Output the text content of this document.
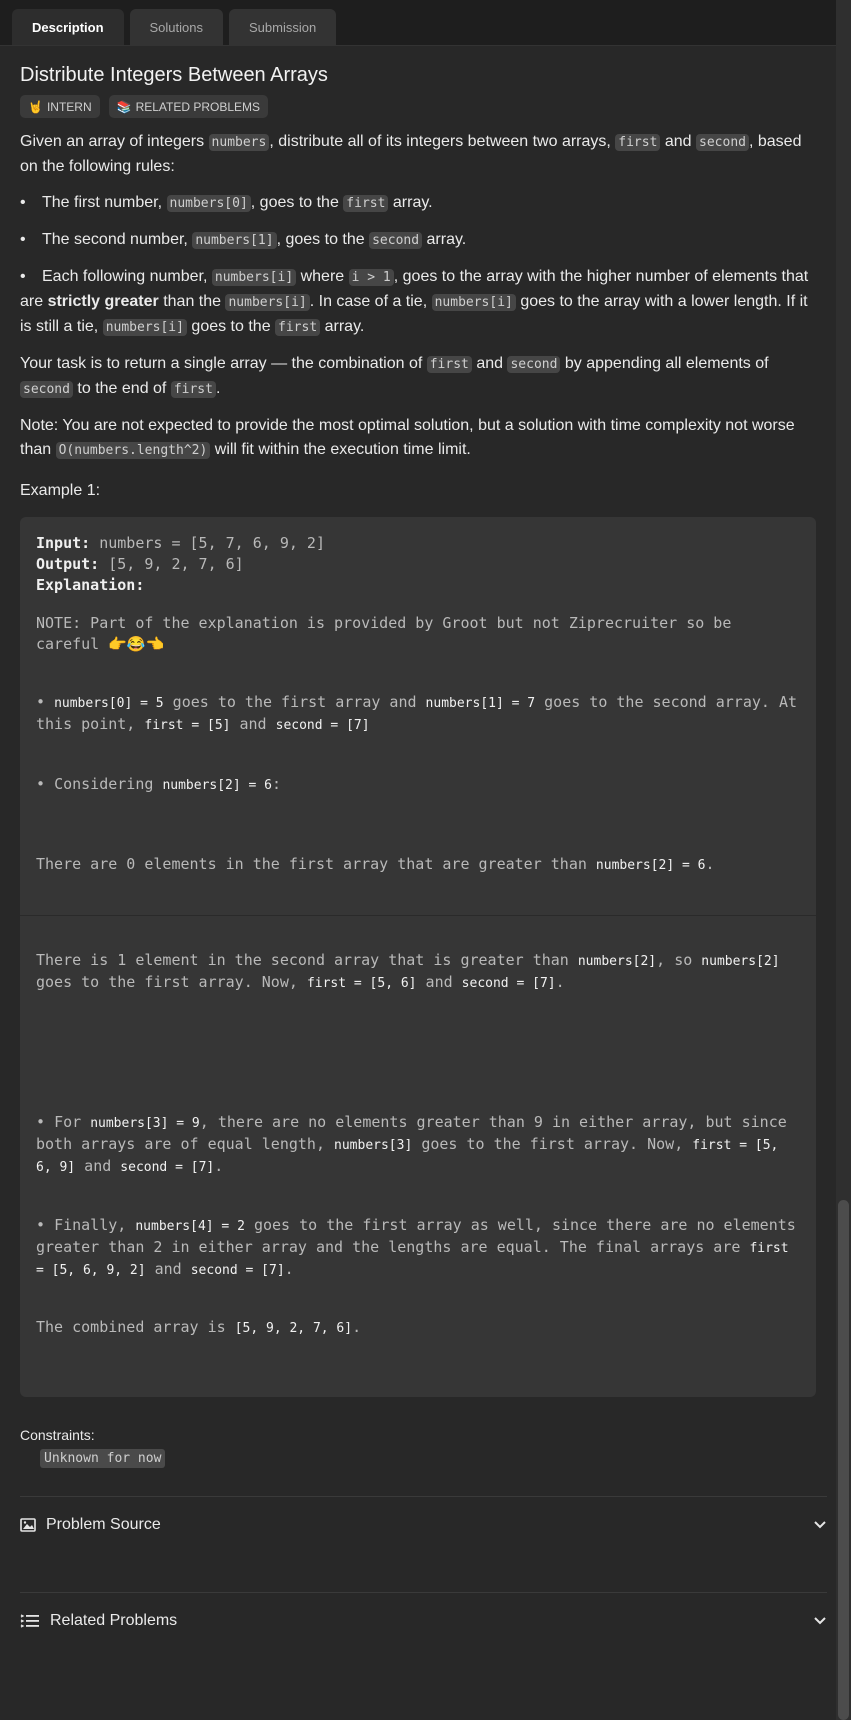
Description	Solutions	Submission
Distribute Integers Between Arrays
🤘 INTERN 📚 RELATED PROBLEMS

Given an array of integers numbers , distribute all of its integers between two arrays, first and second , based on the following rules:

• The first number, numbers[0] , goes to the first array.
• The second number, numbers[1] , goes to the second array.
• Each following number, numbers[i] where i > 1 , goes to the array with the higher number of elements that are strictly greater than the numbers[i] . In case of a tie, numbers[i] goes to the array with a lower length. If it is still a tie, numbers[i] goes to the first array.

Your task is to return a single array — the combination of first and second by appending all elements of second to the end of first .

Note: You are not expected to provide the most optimal solution, but a solution with time complexity not worse than O(numbers.length^2) will fit within the execution time limit.

Example 1:

Input: numbers = [5, 7, 6, 9, 2]
Output: [5, 9, 2, 7, 6]
Explanation:
NOTE: Part of the explanation is provided by Groot but not Ziprecruiter so be careful 👉😂👈
• numbers[0] = 5 goes to the first array and numbers[1] = 7 goes to the second array. At this point, first = [5] and second = [7]
• Considering numbers[2] = 6:
There are 0 elements in the first array that are greater than numbers[2] = 6.
There is 1 element in the second array that is greater than numbers[2], so numbers[2] goes to the first array. Now, first = [5, 6] and second = [7].
• For numbers[3] = 9, there are no elements greater than 9 in either array, but since both arrays are of equal length, numbers[3] goes to the first array. Now, first = [5, 6, 9] and second = [7].
• Finally, numbers[4] = 2 goes to the first array as well, since there are no elements greater than 2 in either array and the lengths are equal. The final arrays are first = [5, 6, 9, 2] and second = [7].
The combined array is [5, 9, 2, 7, 6].
Constraints:
Unknown for now
Problem Source
Related Problems
